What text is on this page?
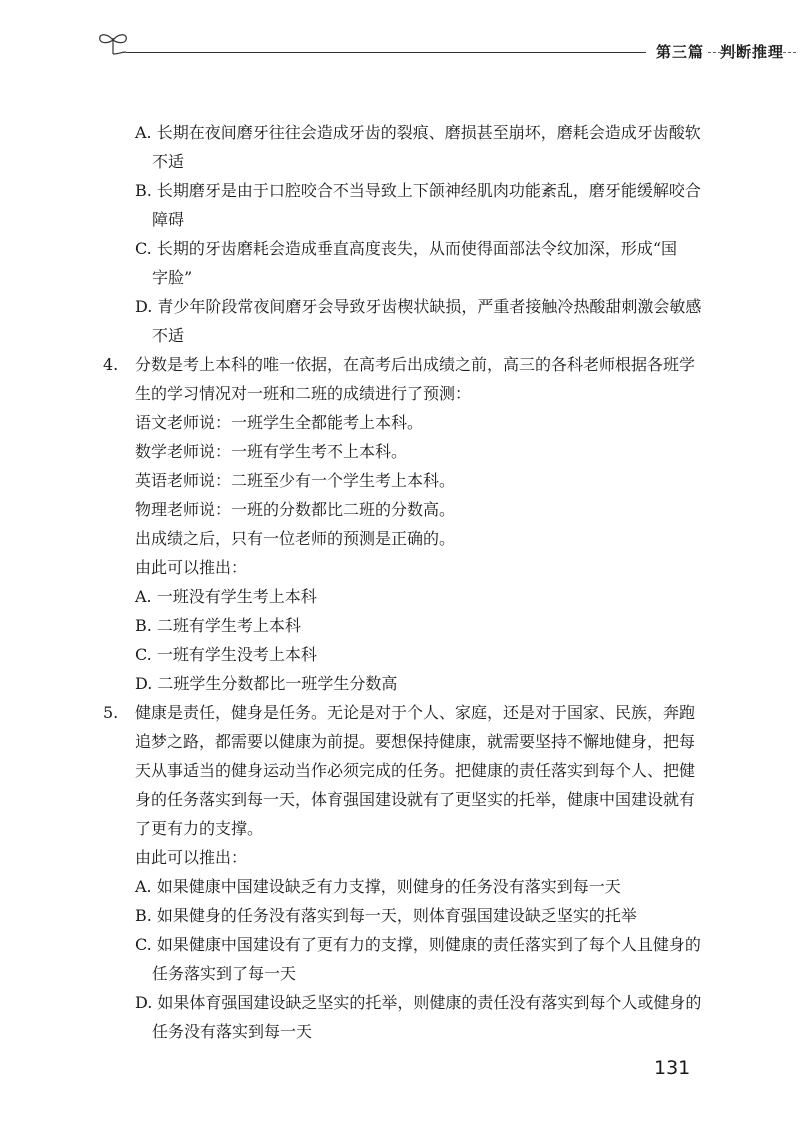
第三篇　判断推理
A. 长期在夜间磨牙往往会造成牙齿的裂痕、磨损甚至崩坏，磨耗会造成牙齿酸软
不适
B. 长期磨牙是由于口腔咬合不当导致上下颌神经肌肉功能紊乱，磨牙能缓解咬合
障碍
C. 长期的牙齿磨耗会造成垂直高度丧失，从而使得面部法令纹加深，形成“国
字脸”
D. 青少年阶段常夜间磨牙会导致牙齿楔状缺损，严重者接触冷热酸甜刺激会敏感
不适
4. 分数是考上本科的唯一依据，在高考后出成绩之前，高三的各科老师根据各班学
生的学习情况对一班和二班的成绩进行了预测：
语文老师说：一班学生全都能考上本科。
数学老师说：一班有学生考不上本科。
英语老师说：二班至少有一个学生考上本科。
物理老师说：一班的分数都比二班的分数高。
出成绩之后，只有一位老师的预测是正确的。
由此可以推出：
A. 一班没有学生考上本科
B. 二班有学生考上本科
C. 一班有学生没考上本科
D. 二班学生分数都比一班学生分数高
5. 健康是责任，健身是任务。无论是对于个人、家庭，还是对于国家、民族，奔跑
追梦之路，都需要以健康为前提。要想保持健康，就需要坚持不懈地健身，把每
天从事适当的健身运动当作必须完成的任务。把健康的责任落实到每个人、把健
身的任务落实到每一天，体育强国建设就有了更坚实的托举，健康中国建设就有
了更有力的支撑。
由此可以推出：
A. 如果健康中国建设缺乏有力支撑，则健身的任务没有落实到每一天
B. 如果健身的任务没有落实到每一天，则体育强国建设缺乏坚实的托举
C. 如果健康中国建设有了更有力的支撑，则健康的责任落实到了每个人且健身的
任务落实到了每一天
D. 如果体育强国建设缺乏坚实的托举，则健康的责任没有落实到每个人或健身的
任务没有落实到每一天
131
